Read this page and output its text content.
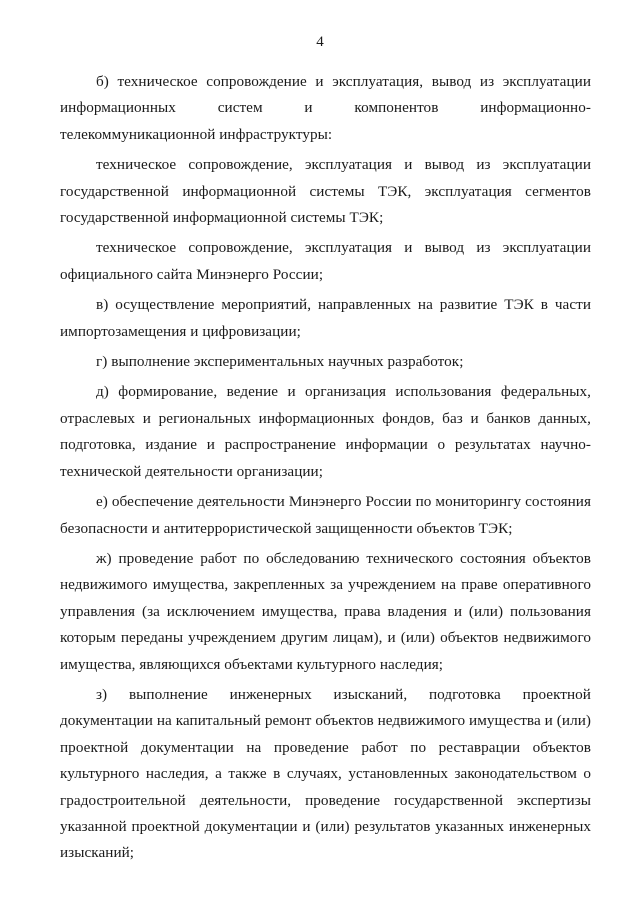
4

б) техническое сопровождение и эксплуатация, вывод из эксплуатации информационных систем и компонентов информационно-телекоммуникационной инфраструктуры:

техническое сопровождение, эксплуатация и вывод из эксплуатации государственной информационной системы ТЭК, эксплуатация сегментов государственной информационной системы ТЭК;

техническое сопровождение, эксплуатация и вывод из эксплуатации официального сайта Минэнерго России;

в) осуществление мероприятий, направленных на развитие ТЭК в части импортозамещения и цифровизации;

г) выполнение экспериментальных научных разработок;

д) формирование, ведение и организация использования федеральных, отраслевых и региональных информационных фондов, баз и банков данных, подготовка, издание и распространение информации о результатах научно-технической деятельности организации;

е) обеспечение деятельности Минэнерго России по мониторингу состояния безопасности и антитеррористической защищенности объектов ТЭК;

ж) проведение работ по обследованию технического состояния объектов недвижимого имущества, закрепленных за учреждением на праве оперативного управления (за исключением имущества, права владения и (или) пользования которым переданы учреждением другим лицам), и (или) объектов недвижимого имущества, являющихся объектами культурного наследия;

з) выполнение инженерных изысканий, подготовка проектной документации на капитальный ремонт объектов недвижимого имущества и (или) проектной документации на проведение работ по реставрации объектов культурного наследия, а также в случаях, установленных законодательством о градостроительной деятельности, проведение государственной экспертизы указанной проектной документации и (или) результатов указанных инженерных изысканий;
